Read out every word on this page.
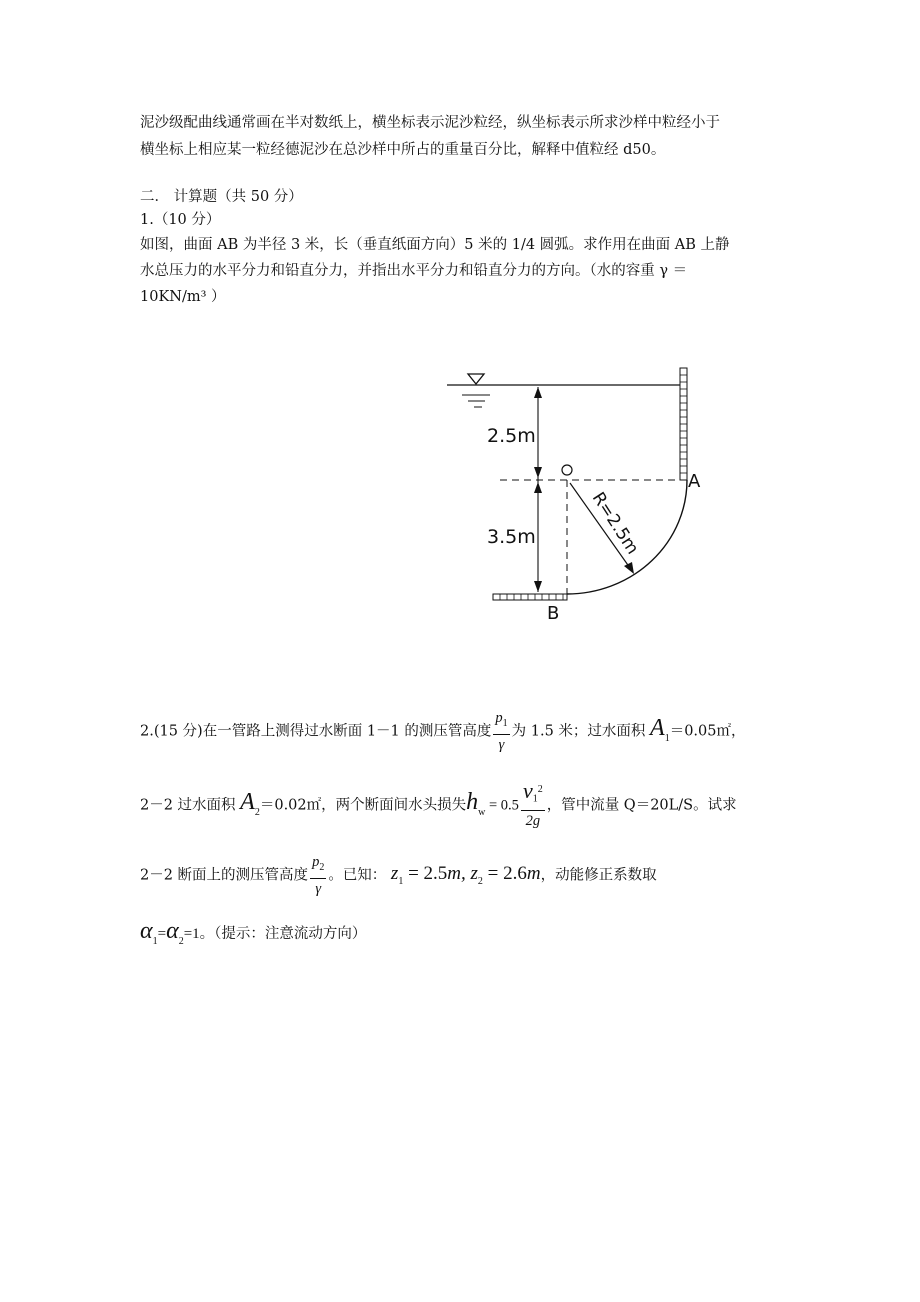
泥沙级配曲线通常画在半对数纸上，横坐标表示泥沙粒经，纵坐标表示所求沙样中粒经小于
横坐标上相应某一粒经德泥沙在总沙样中所占的重量百分比，解释中值粒经 d50。
二． 计算题（共 50 分）
1.（10 分）
如图，曲面 AB 为半径 3 米，长（垂直纸面方向）5 米的 1/4 圆弧。求作用在曲面 AB 上静
水总压力的水平分力和铅直分力，并指出水平分力和铅直分力的方向。（水的容重 γ ＝
10KN/m³ ）
2.5m
3.5m
A
B
R=2.5m
2.(15 分)在一管路上测得过水断面 1－1 的测压管高度 $\frac{p_1}{\gamma}$ 为 1.5 米；过水面积 $A_1=0.05㎡$，
2－2 过水面积 $A_2=0.02㎡$，两个断面间水头损失$h_w = 0.5 \frac{v_1^2}{2g}$ ，管中流量 Q＝20L/S。试求
2－2 断面上的测压管高度 $\frac{p_2}{\gamma}$ 。已知： $z_1 = 2.5m$, $z_2 = 2.6m$，动能修正系数取
$\alpha_1=\alpha_2=1$。（提示：注意流动方向）
